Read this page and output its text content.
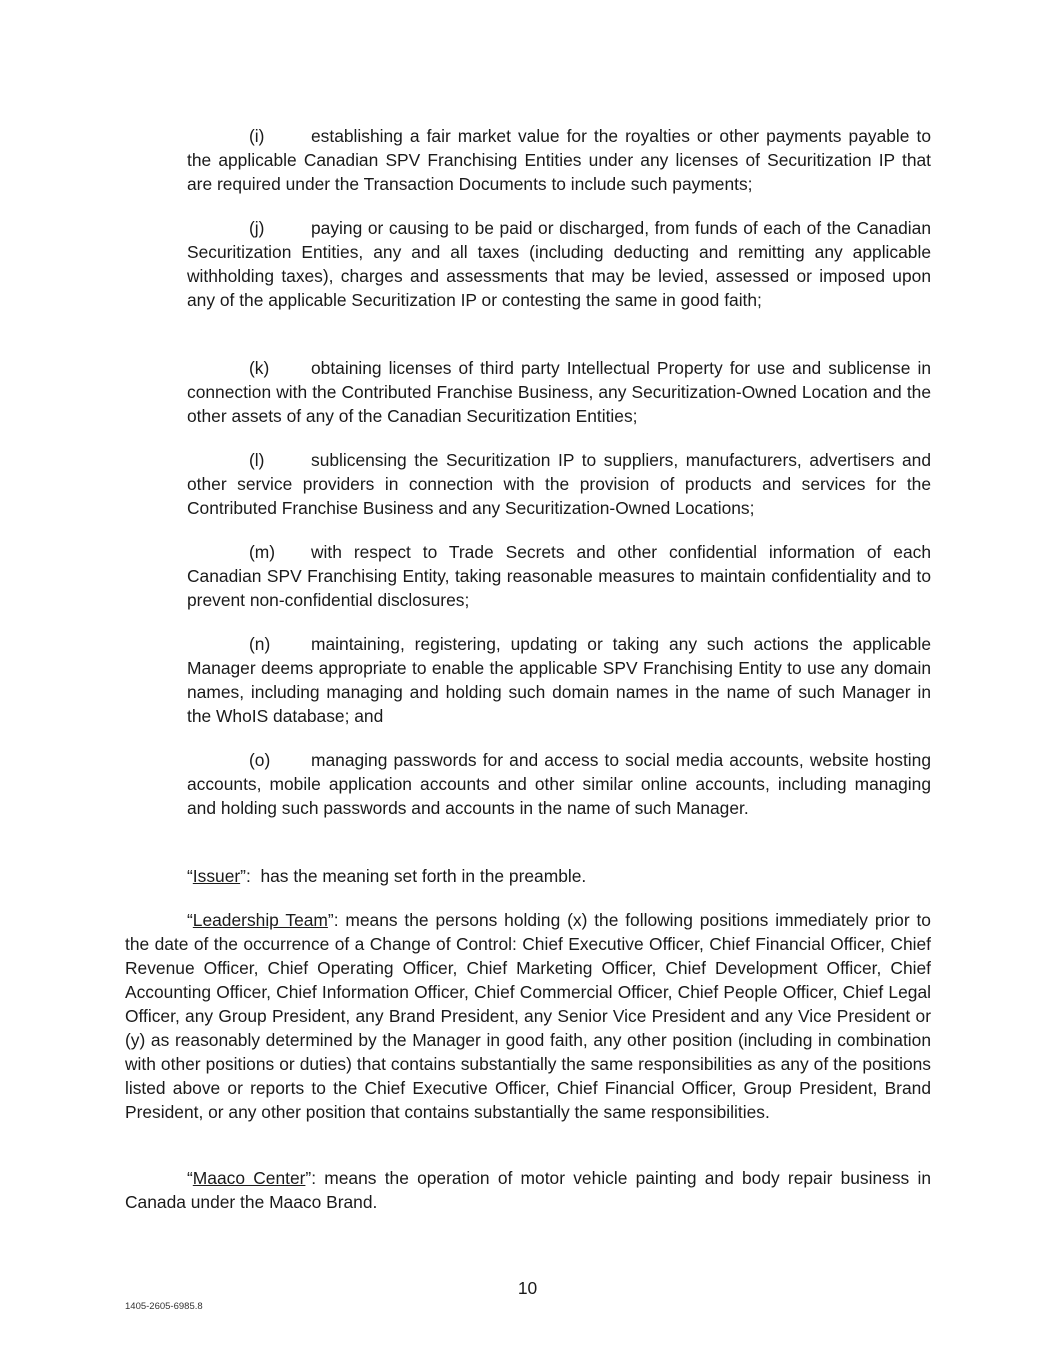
(i)	establishing a fair market value for the royalties or other payments payable to the applicable Canadian SPV Franchising Entities under any licenses of Securitization IP that are required under the Transaction Documents to include such payments;

(j)	paying or causing to be paid or discharged, from funds of each of the Canadian Securitization Entities, any and all taxes (including deducting and remitting any applicable withholding taxes), charges and assessments that may be levied, assessed or imposed upon any of the applicable Securitization IP or contesting the same in good faith;

(k) obtaining licenses of third party Intellectual Property for use and sublicense in connection with the Contributed Franchise Business, any Securitization-Owned Location and the other assets of any of the Canadian Securitization Entities;

(l)	sublicensing the Securitization IP to suppliers, manufacturers, advertisers and other service providers in connection with the provision of products and services for the Contributed Franchise Business and any Securitization-Owned Locations;

(m) with respect to Trade Secrets and other confidential information of each Canadian SPV Franchising Entity, taking reasonable measures to maintain confidentiality and to prevent non-confidential disclosures;

(n) maintaining, registering, updating or taking any such actions the applicable Manager deems appropriate to enable the applicable SPV Franchising Entity to use any domain names, including managing and holding such domain names in the name of such Manager in the WhoIS database; and

(o) managing passwords for and access to social media accounts, website hosting accounts, mobile application accounts and other similar online accounts, including managing and holding such passwords and accounts in the name of such Manager.

“Issuer”:  has the meaning set forth in the preamble.

“Leadership Team”: means the persons holding (x) the following positions immediately prior to the date of the occurrence of a Change of Control: Chief Executive Officer, Chief Financial Officer, Chief Revenue Officer, Chief Operating Officer, Chief Marketing Officer, Chief Development Officer, Chief Accounting Officer, Chief Information Officer, Chief Commercial Officer, Chief People Officer, Chief Legal Officer, any Group President, any Brand President, any Senior Vice President and any Vice President or (y) as reasonably determined by the Manager in good faith, any other position (including in combination with other positions or duties) that contains substantially the same responsibilities as any of the positions listed above or reports to the Chief Executive Officer, Chief Financial Officer, Group President, Brand President, or any other position that contains substantially the same responsibilities.

“Maaco Center”: means the operation of motor vehicle painting and body repair business in Canada under the Maaco Brand.

10
1405-2605-6985.8
